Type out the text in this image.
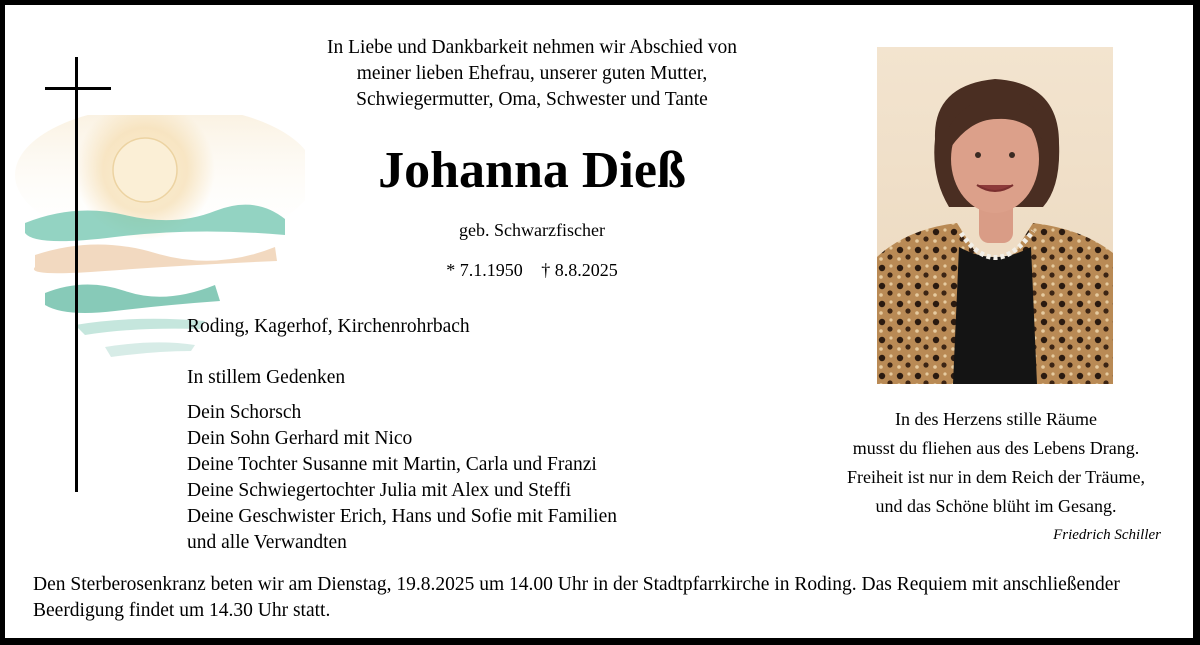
In Liebe und Dankbarkeit nehmen wir Abschied von
meiner lieben Ehefrau, unserer guten Mutter,
Schwiegermutter, Oma, Schwester und Tante
Johanna Dieß
geb. Schwarzfischer
* 7.1.1950 † 8.8.2025
Roding, Kagerhof, Kirchenrohrbach
In stillem Gedenken
Dein Schorsch
Dein Sohn Gerhard mit Nico
Deine Tochter Susanne mit Martin, Carla und Franzi
Deine Schwiegertochter Julia mit Alex und Steffi
Deine Geschwister Erich, Hans und Sofie mit Familien
und alle Verwandten
In des Herzens stille Räume
musst du fliehen aus des Lebens Drang.
Freiheit ist nur in dem Reich der Träume,
und das Schöne blüht im Gesang.
Friedrich Schiller
Den Sterberosenkranz beten wir am Dienstag, 19.8.2025 um 14.00 Uhr in der Stadtpfarrkirche in Roding. Das Requiem mit anschließender Beerdigung findet um 14.30 Uhr statt.
